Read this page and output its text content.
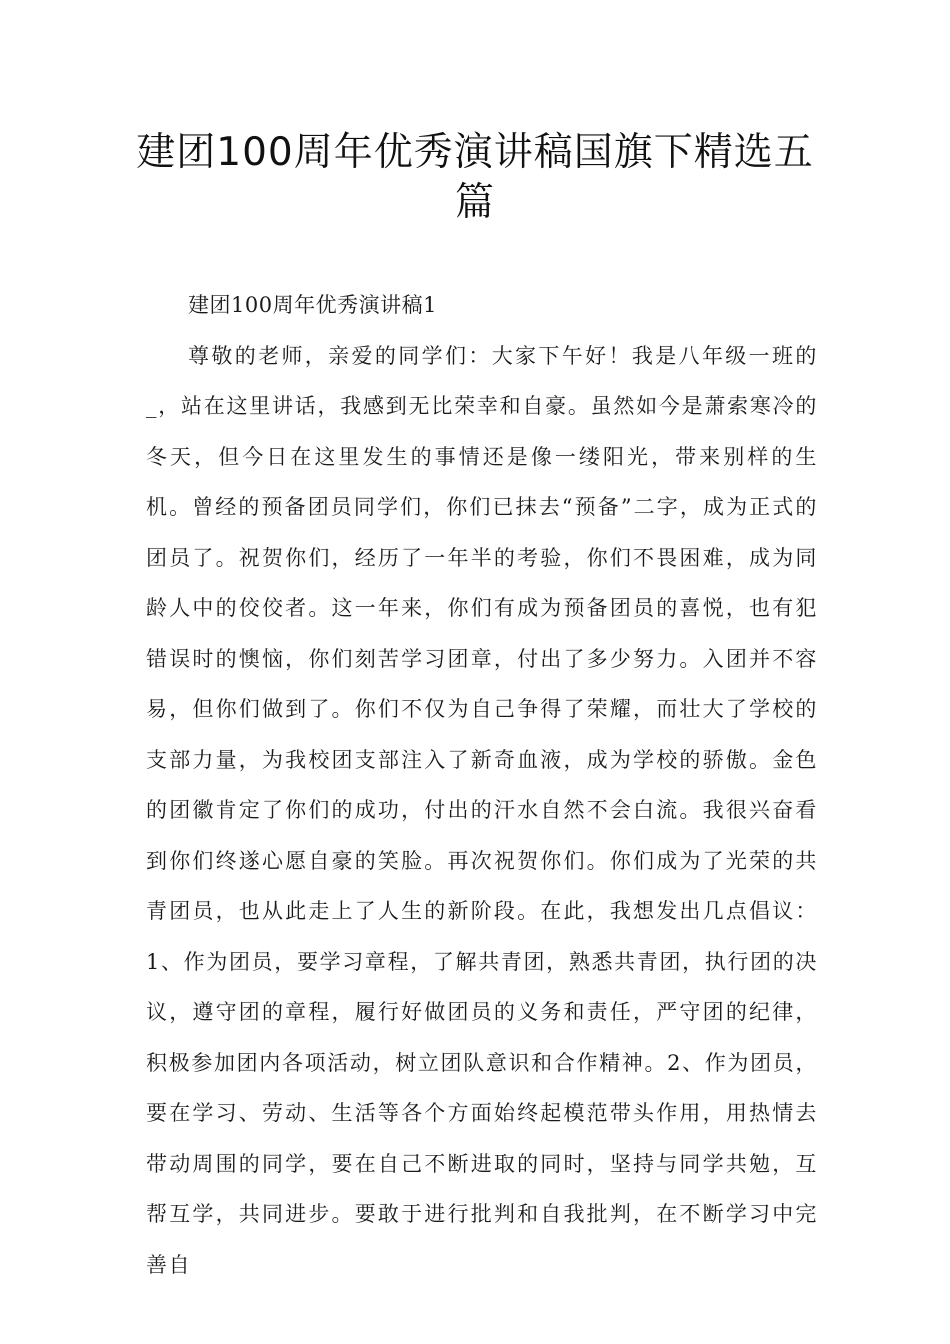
建团100周年优秀演讲稿国旗下精选五篇

建团100周年优秀演讲稿1

尊敬的老师，亲爱的同学们：大家下午好！我是八年级一班的_，站在这里讲话，我感到无比荣幸和自豪。虽然如今是萧索寒冷的冬天，但今日在这里发生的事情还是像一缕阳光，带来别样的生机。曾经的预备团员同学们，你们已抹去“预备”二字，成为正式的团员了。祝贺你们，经历了一年半的考验，你们不畏困难，成为同龄人中的佼佼者。这一年来，你们有成为预备团员的喜悦，也有犯错误时的懊恼，你们刻苦学习团章，付出了多少努力。入团并不容易，但你们做到了。你们不仅为自己争得了荣耀，而壮大了学校的支部力量，为我校团支部注入了新奇血液，成为学校的骄傲。金色的团徽肯定了你们的成功，付出的汗水自然不会白流。我很兴奋看到你们终遂心愿自豪的笑脸。再次祝贺你们。你们成为了光荣的共青团员，也从此走上了人生的新阶段。在此，我想发出几点倡议：1、作为团员，要学习章程，了解共青团，熟悉共青团，执行团的决议，遵守团的章程，履行好做团员的义务和责任，严守团的纪律，积极参加团内各项活动，树立团队意识和合作精神。2、作为团员，要在学习、劳动、生活等各个方面始终起模范带头作用，用热情去带动周围的同学，要在自己不断进取的同时，坚持与同学共勉，互帮互学，共同进步。要敢于进行批判和自我批判，在不断学习中完善自
